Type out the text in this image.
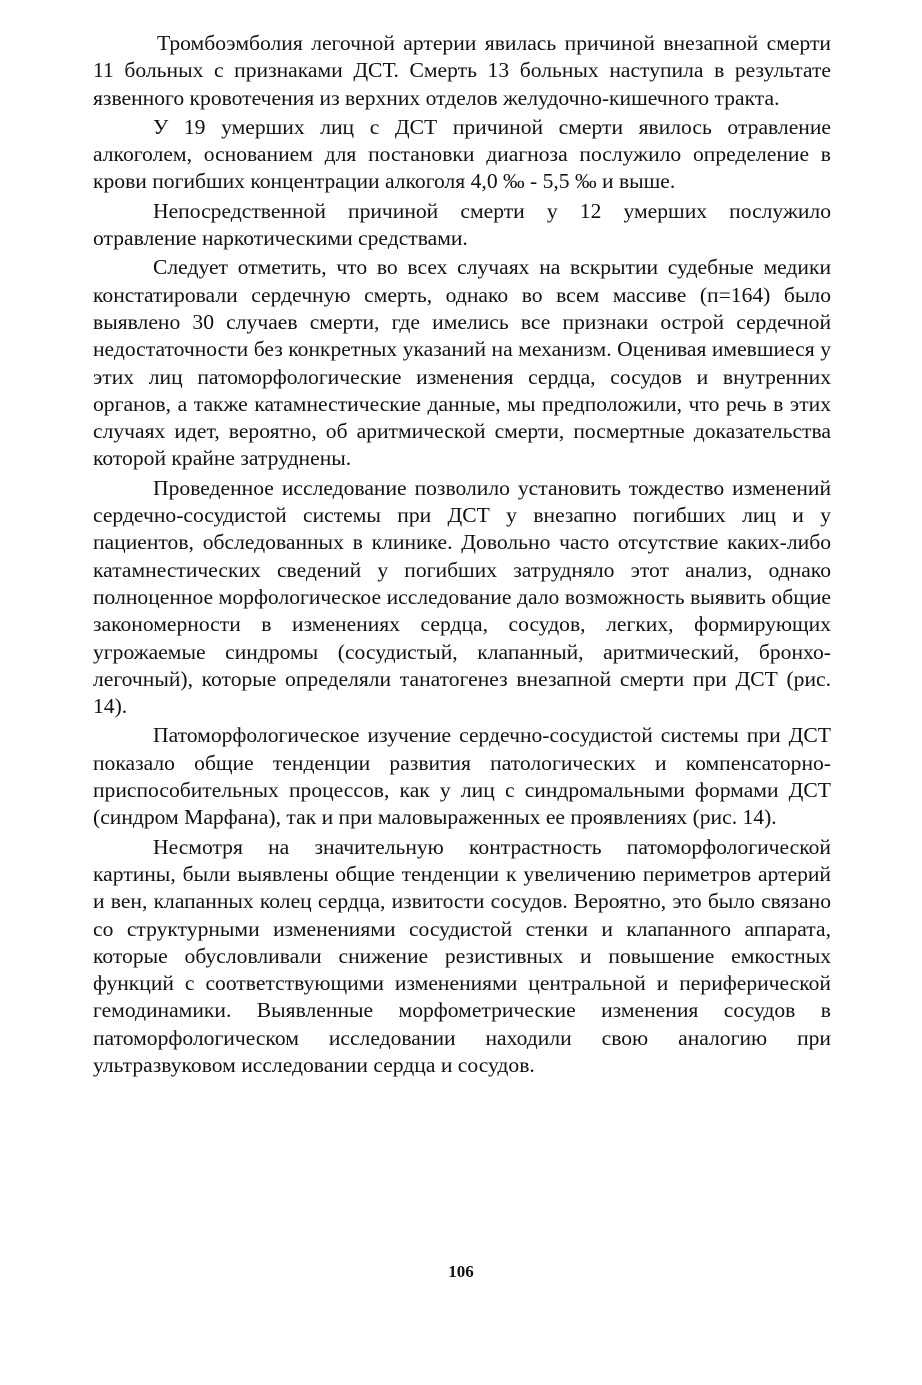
Тромбоэмболия легочной артерии явилась причиной внезапной смерти 11 больных с признаками ДСТ. Смерть 13 больных наступила в результате язвенного кровотечения из верхних отделов желудочно-кишечного тракта.

У 19 умерших лиц с ДСТ причиной смерти явилось отравление алкоголем, основанием для постановки диагноза послужило определение в крови погибших концентрации алкоголя 4,0 ‰ - 5,5 ‰ и выше.

Непосредственной причиной смерти у 12 умерших послужило отравление наркотическими средствами.

Следует отметить, что во всех случаях на вскрытии судебные медики констатировали сердечную смерть, однако во всем массиве (п=164) было выявлено 30 случаев смерти, где имелись все признаки острой сердечной недостаточности без конкретных указаний на механизм. Оценивая имевшиеся у этих лиц патоморфологические изменения сердца, сосудов и внутренних органов, а также катамнестические данные, мы предположили, что речь в этих случаях идет, вероятно, об аритмической смерти, посмертные доказательства которой крайне затруднены.

Проведенное исследование позволило установить тождество изменений сердечно-сосудистой системы при ДСТ у внезапно погибших лиц и у пациентов, обследованных в клинике. Довольно часто отсутствие каких-либо катамнестических сведений у погибших затрудняло этот анализ, однако полноценное морфологическое исследование дало возможность выявить общие закономерности в изменениях сердца, сосудов, легких, формирующих угрожаемые синдромы (сосудистый, клапанный, аритмический, бронхо-легочный), которые определяли танатогенез внезапной смерти при ДСТ (рис. 14).

Патоморфологическое изучение сердечно-сосудистой системы при ДСТ показало общие тенденции развития патологических и компенсаторно-приспособительных процессов, как у лиц с синдромальными формами ДСТ (синдром Марфана), так и при маловыраженных ее проявлениях (рис. 14).

Несмотря на значительную контрастность патоморфологической картины, были выявлены общие тенденции к увеличению периметров артерий и вен, клапанных колец сердца, извитости сосудов. Вероятно, это было связано со структурными изменениями сосудистой стенки и клапанного аппарата, которые обусловливали снижение резистивных и повышение емкостных функций с соответствующими изменениями центральной и периферической гемодинамики. Выявленные морфометрические изменения сосудов в патоморфологическом исследовании находили свою аналогию при ультразвуковом исследовании сердца и сосудов.

106
